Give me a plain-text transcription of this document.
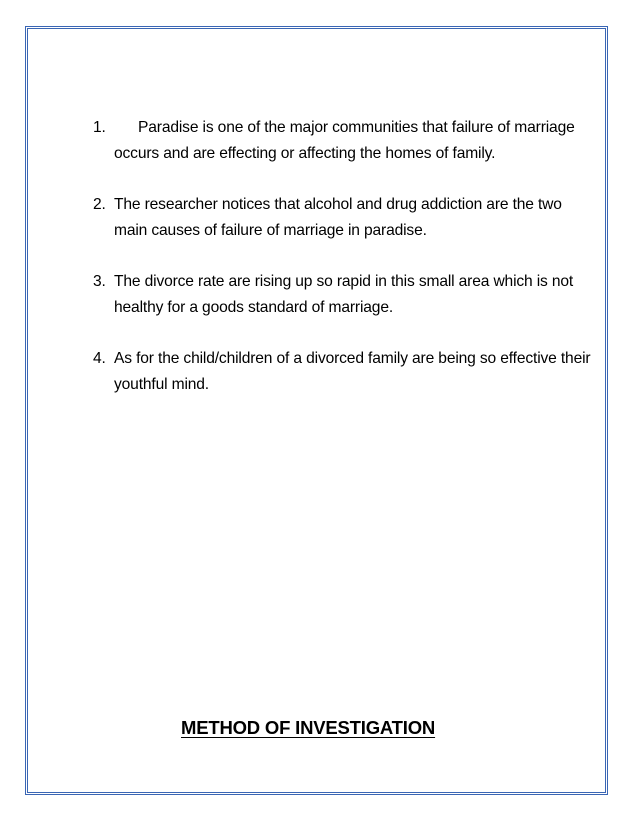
1. Paradise is one of the major communities that failure of marriage occurs and are effecting or affecting the homes of family.
2. The researcher notices that alcohol and drug addiction are the two main causes of failure of marriage in paradise.
3. The divorce rate are rising up so rapid in this small area which is not healthy for a goods standard of marriage.
4. As for the child/children of a divorced family are being so effective their youthful mind.
METHOD OF INVESTIGATION
